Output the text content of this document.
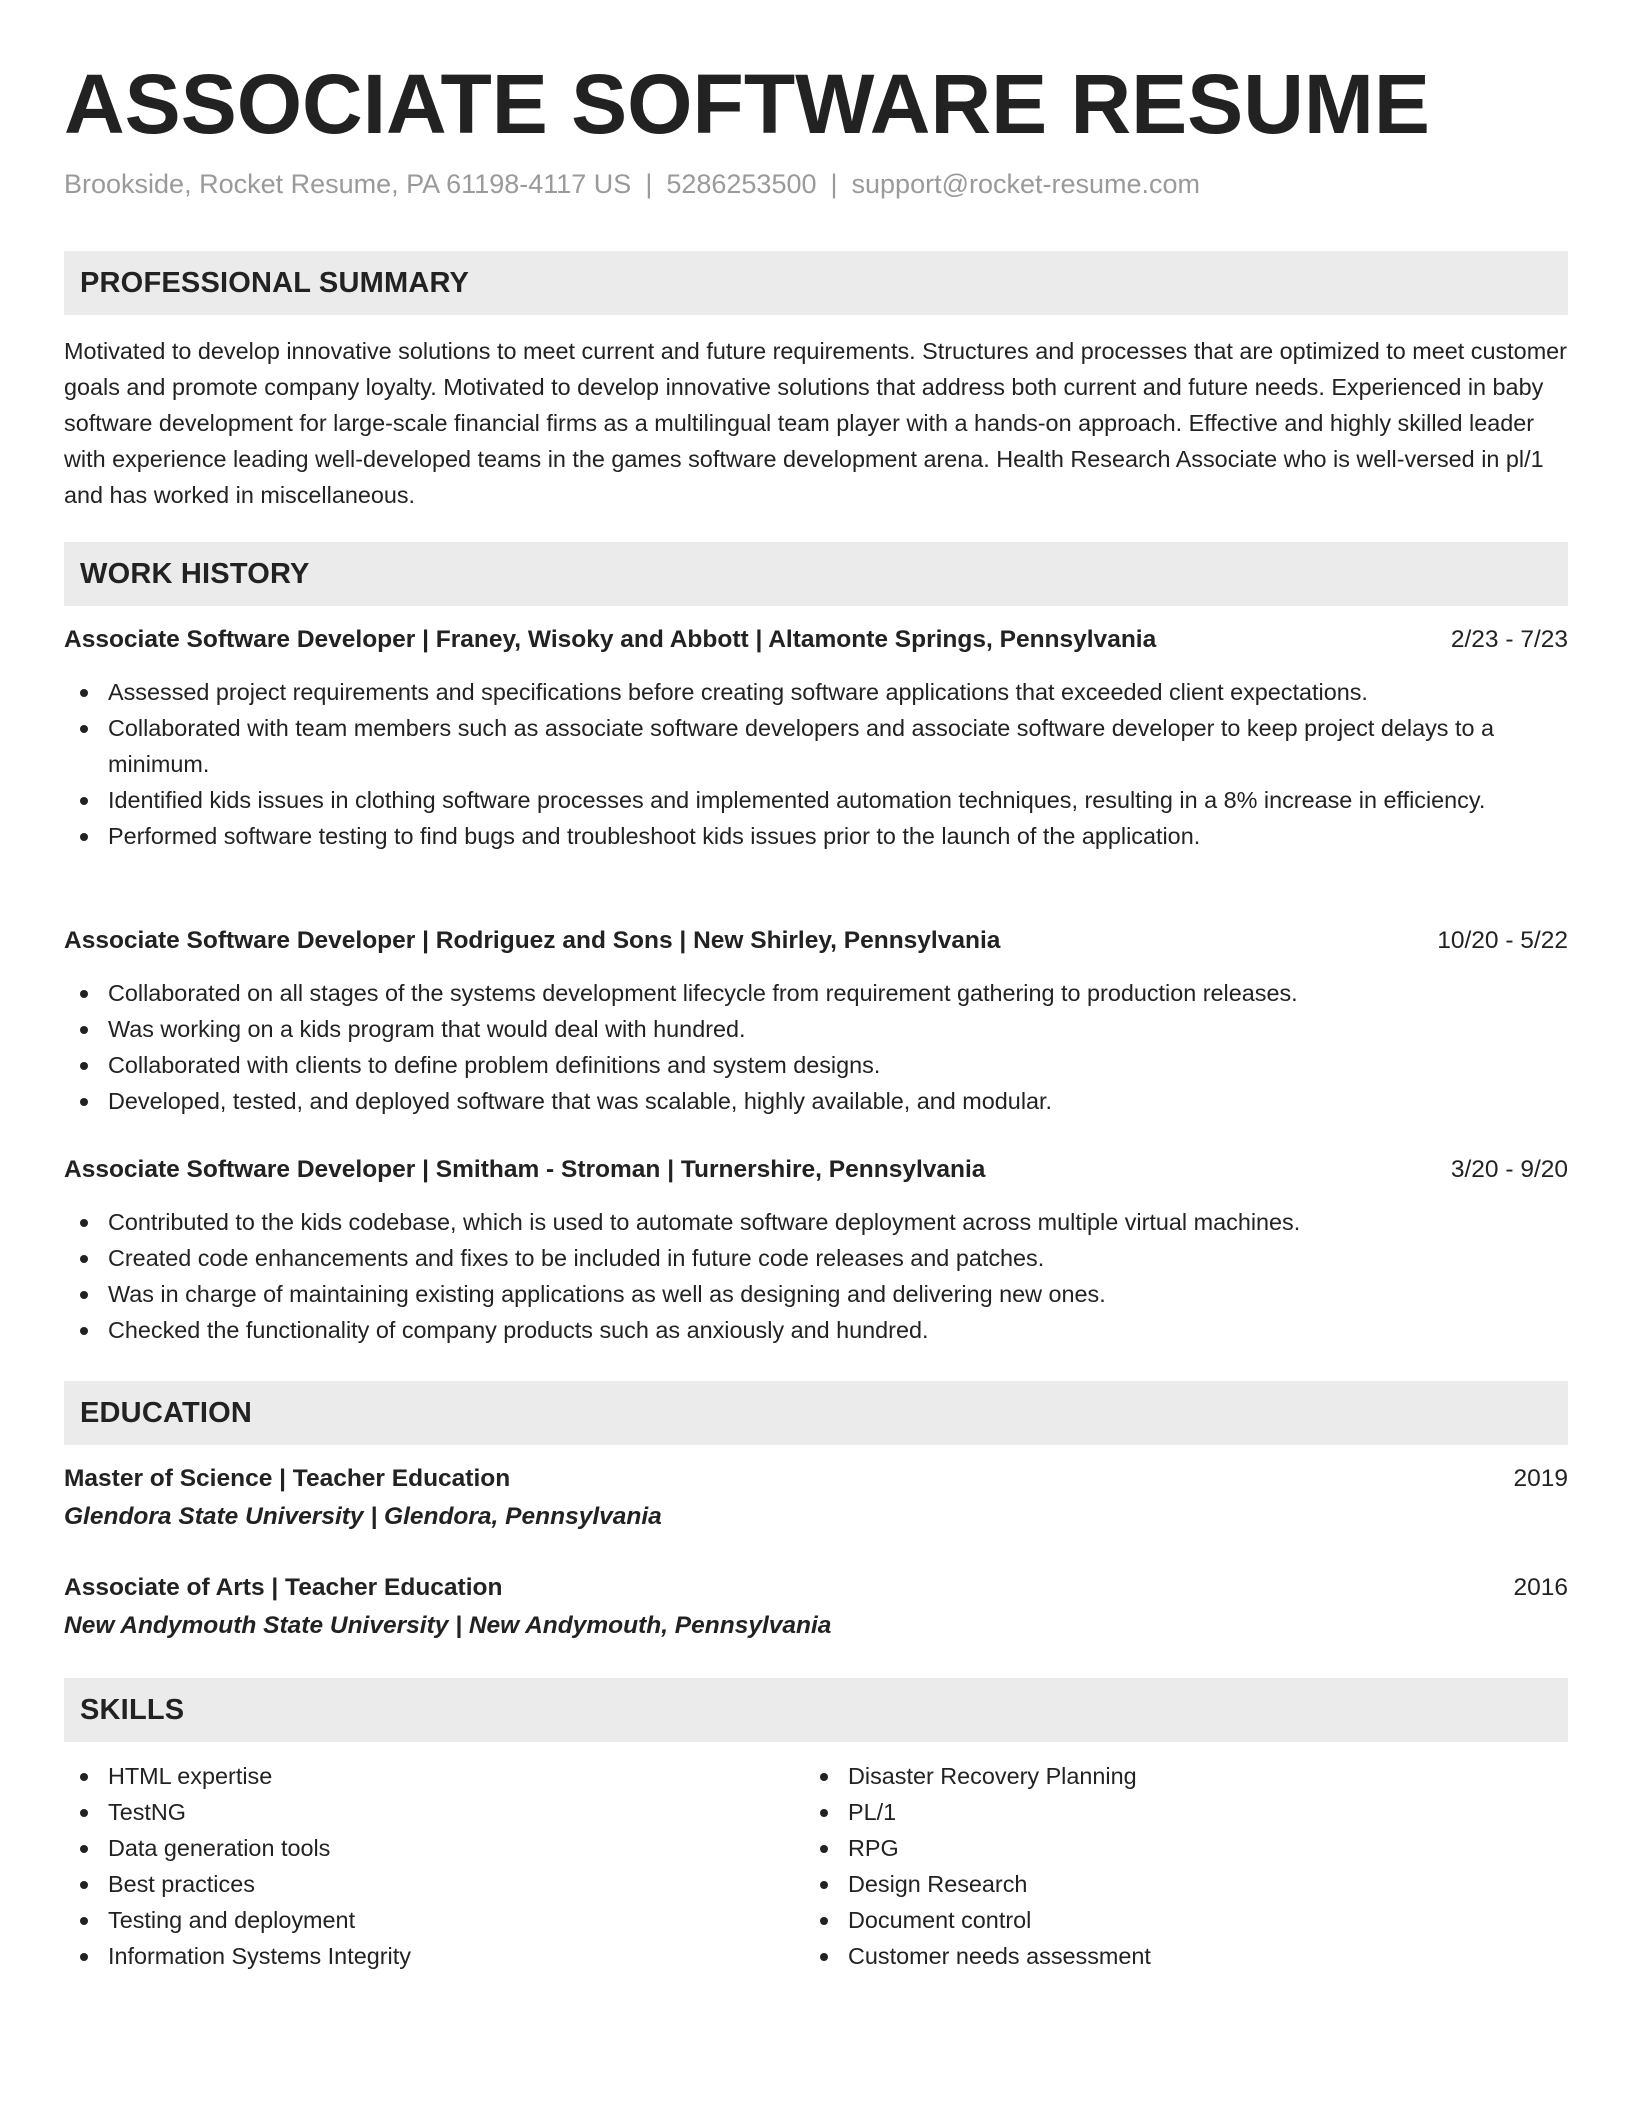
ASSOCIATE SOFTWARE RESUME
Brookside, Rocket Resume, PA 61198-4117 US | 5286253500 | support@rocket-resume.com
PROFESSIONAL SUMMARY
Motivated to develop innovative solutions to meet current and future requirements. Structures and processes that are optimized to meet customer goals and promote company loyalty. Motivated to develop innovative solutions that address both current and future needs. Experienced in baby software development for large-scale financial firms as a multilingual team player with a hands-on approach. Effective and highly skilled leader with experience leading well-developed teams in the games software development arena. Health Research Associate who is well-versed in pl/1 and has worked in miscellaneous.
WORK HISTORY
Associate Software Developer | Franey, Wisoky and Abbott | Altamonte Springs, Pennsylvania	2/23 - 7/23
Assessed project requirements and specifications before creating software applications that exceeded client expectations.
Collaborated with team members such as associate software developers and associate software developer to keep project delays to a minimum.
Identified kids issues in clothing software processes and implemented automation techniques, resulting in a 8% increase in efficiency.
Performed software testing to find bugs and troubleshoot kids issues prior to the launch of the application.
Associate Software Developer | Rodriguez and Sons | New Shirley, Pennsylvania	10/20 - 5/22
Collaborated on all stages of the systems development lifecycle from requirement gathering to production releases.
Was working on a kids program that would deal with hundred.
Collaborated with clients to define problem definitions and system designs.
Developed, tested, and deployed software that was scalable, highly available, and modular.
Associate Software Developer | Smitham - Stroman | Turnershire, Pennsylvania	3/20 - 9/20
Contributed to the kids codebase, which is used to automate software deployment across multiple virtual machines.
Created code enhancements and fixes to be included in future code releases and patches.
Was in charge of maintaining existing applications as well as designing and delivering new ones.
Checked the functionality of company products such as anxiously and hundred.
EDUCATION
Master of Science | Teacher Education	2019
Glendora State University | Glendora, Pennsylvania
Associate of Arts | Teacher Education	2016
New Andymouth State University | New Andymouth, Pennsylvania
SKILLS
HTML expertise
TestNG
Data generation tools
Best practices
Testing and deployment
Information Systems Integrity
Disaster Recovery Planning
PL/1
RPG
Design Research
Document control
Customer needs assessment
